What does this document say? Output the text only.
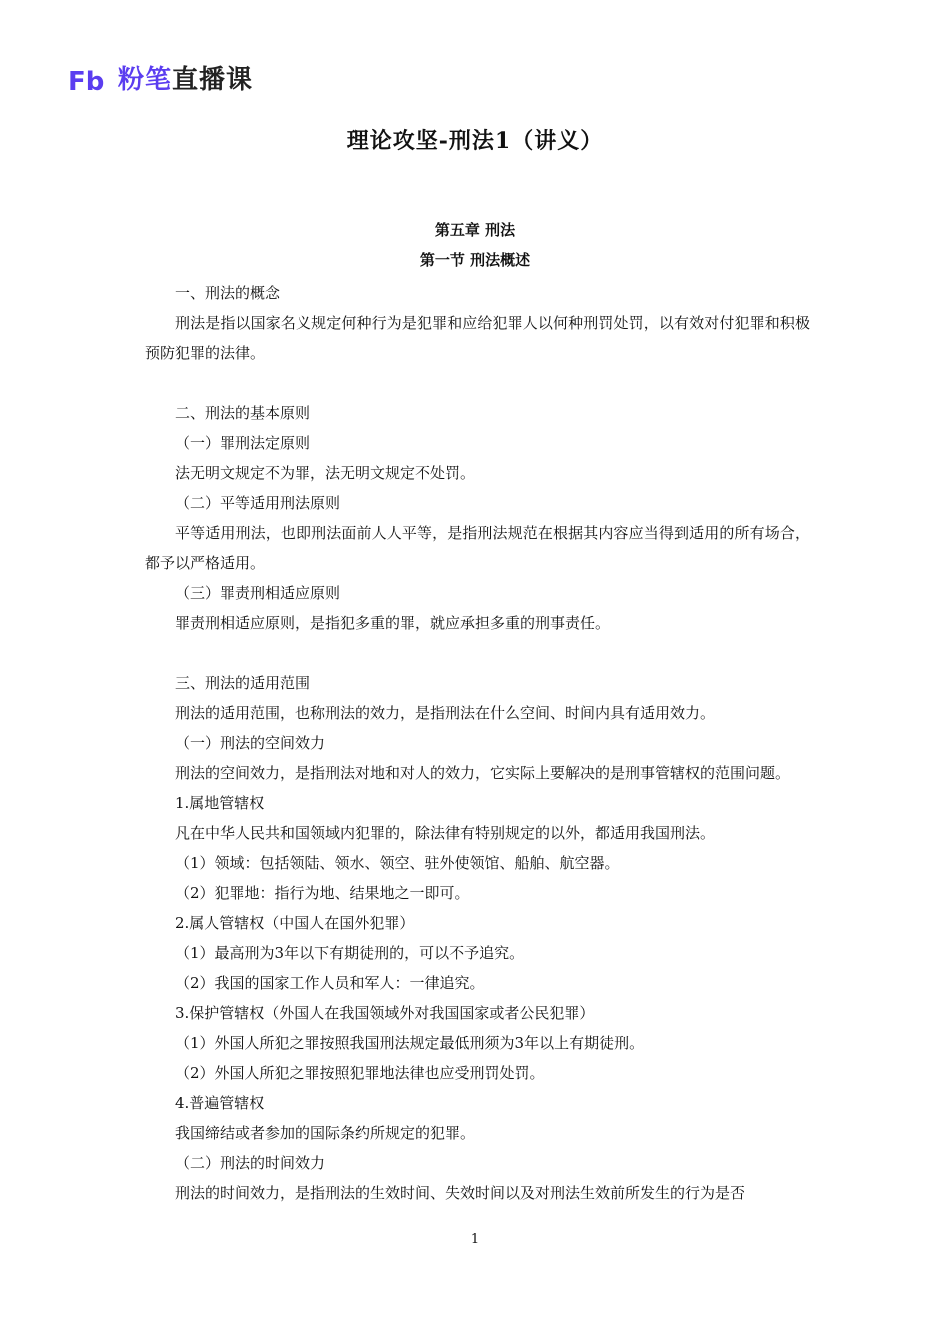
Fb 粉笔直播课
理论攻坚-刑法1（讲义）
第五章 刑法
第一节 刑法概述

一、刑法的概念

刑法是指以国家名义规定何种行为是犯罪和应给犯罪人以何种刑罚处罚，以有效对付犯罪和积极预防犯罪的法律。

二、刑法的基本原则

（一）罪刑法定原则

法无明文规定不为罪，法无明文规定不处罚。

（二）平等适用刑法原则

平等适用刑法，也即刑法面前人人平等，是指刑法规范在根据其内容应当得到适用的所有场合，都予以严格适用。

（三）罪责刑相适应原则

罪责刑相适应原则，是指犯多重的罪，就应承担多重的刑事责任。

三、刑法的适用范围

刑法的适用范围，也称刑法的效力，是指刑法在什么空间、时间内具有适用效力。

（一）刑法的空间效力

刑法的空间效力，是指刑法对地和对人的效力，它实际上要解决的是刑事管辖权的范围问题。

1.属地管辖权

凡在中华人民共和国领域内犯罪的，除法律有特别规定的以外，都适用我国刑法。

（1）领域：包括领陆、领水、领空、驻外使领馆、船舶、航空器。

（2）犯罪地：指行为地、结果地之一即可。

2.属人管辖权（中国人在国外犯罪）

（1）最高刑为3年以下有期徒刑的，可以不予追究。

（2）我国的国家工作人员和军人：一律追究。

3.保护管辖权（外国人在我国领域外对我国国家或者公民犯罪）

（1）外国人所犯之罪按照我国刑法规定最低刑须为3年以上有期徒刑。

（2）外国人所犯之罪按照犯罪地法律也应受刑罚处罚。

4.普遍管辖权

我国缔结或者参加的国际条约所规定的犯罪。

（二）刑法的时间效力

刑法的时间效力，是指刑法的生效时间、失效时间以及对刑法生效前所发生的行为是否

1
